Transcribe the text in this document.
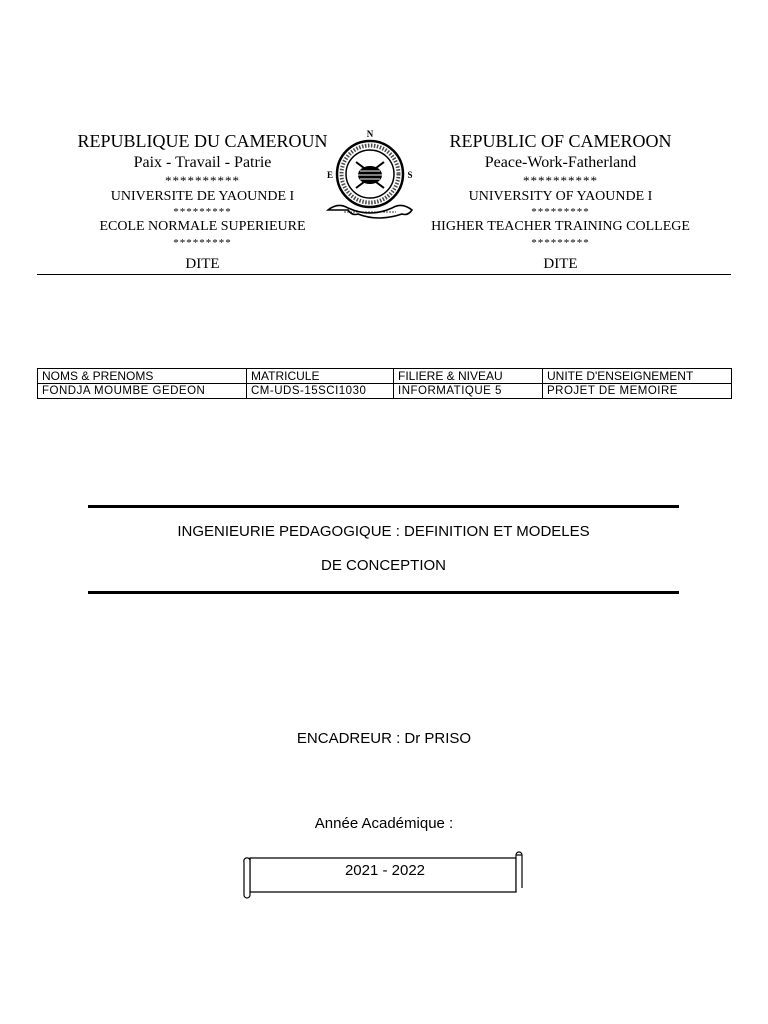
REPUBLIQUE DU CAMEROUN
Paix - Travail - Patrie
**********
UNIVERSITE DE YAOUNDE I
*********
ECOLE NORMALE SUPERIEURE
*********
DITE
N
E	S
REPUBLIC OF CAMEROON
Peace-Work-Fatherland
**********
UNIVERSITY OF YAOUNDE I
*********
HIGHER TEACHER TRAINING COLLEGE
*********
DITE
NOMS & PRENOMS	MATRICULE	FILIERE & NIVEAU	UNITE D'ENSEIGNEMENT
FONDJA MOUMBE GEDEON	CM-UDS-15SCI1030	INFORMATIQUE 5	PROJET DE MEMOIRE
INGENIEURIE PEDAGOGIQUE : DEFINITION ET MODELES
DE CONCEPTION
ENCADREUR : Dr PRISO
Année Académique :
2021 - 2022
